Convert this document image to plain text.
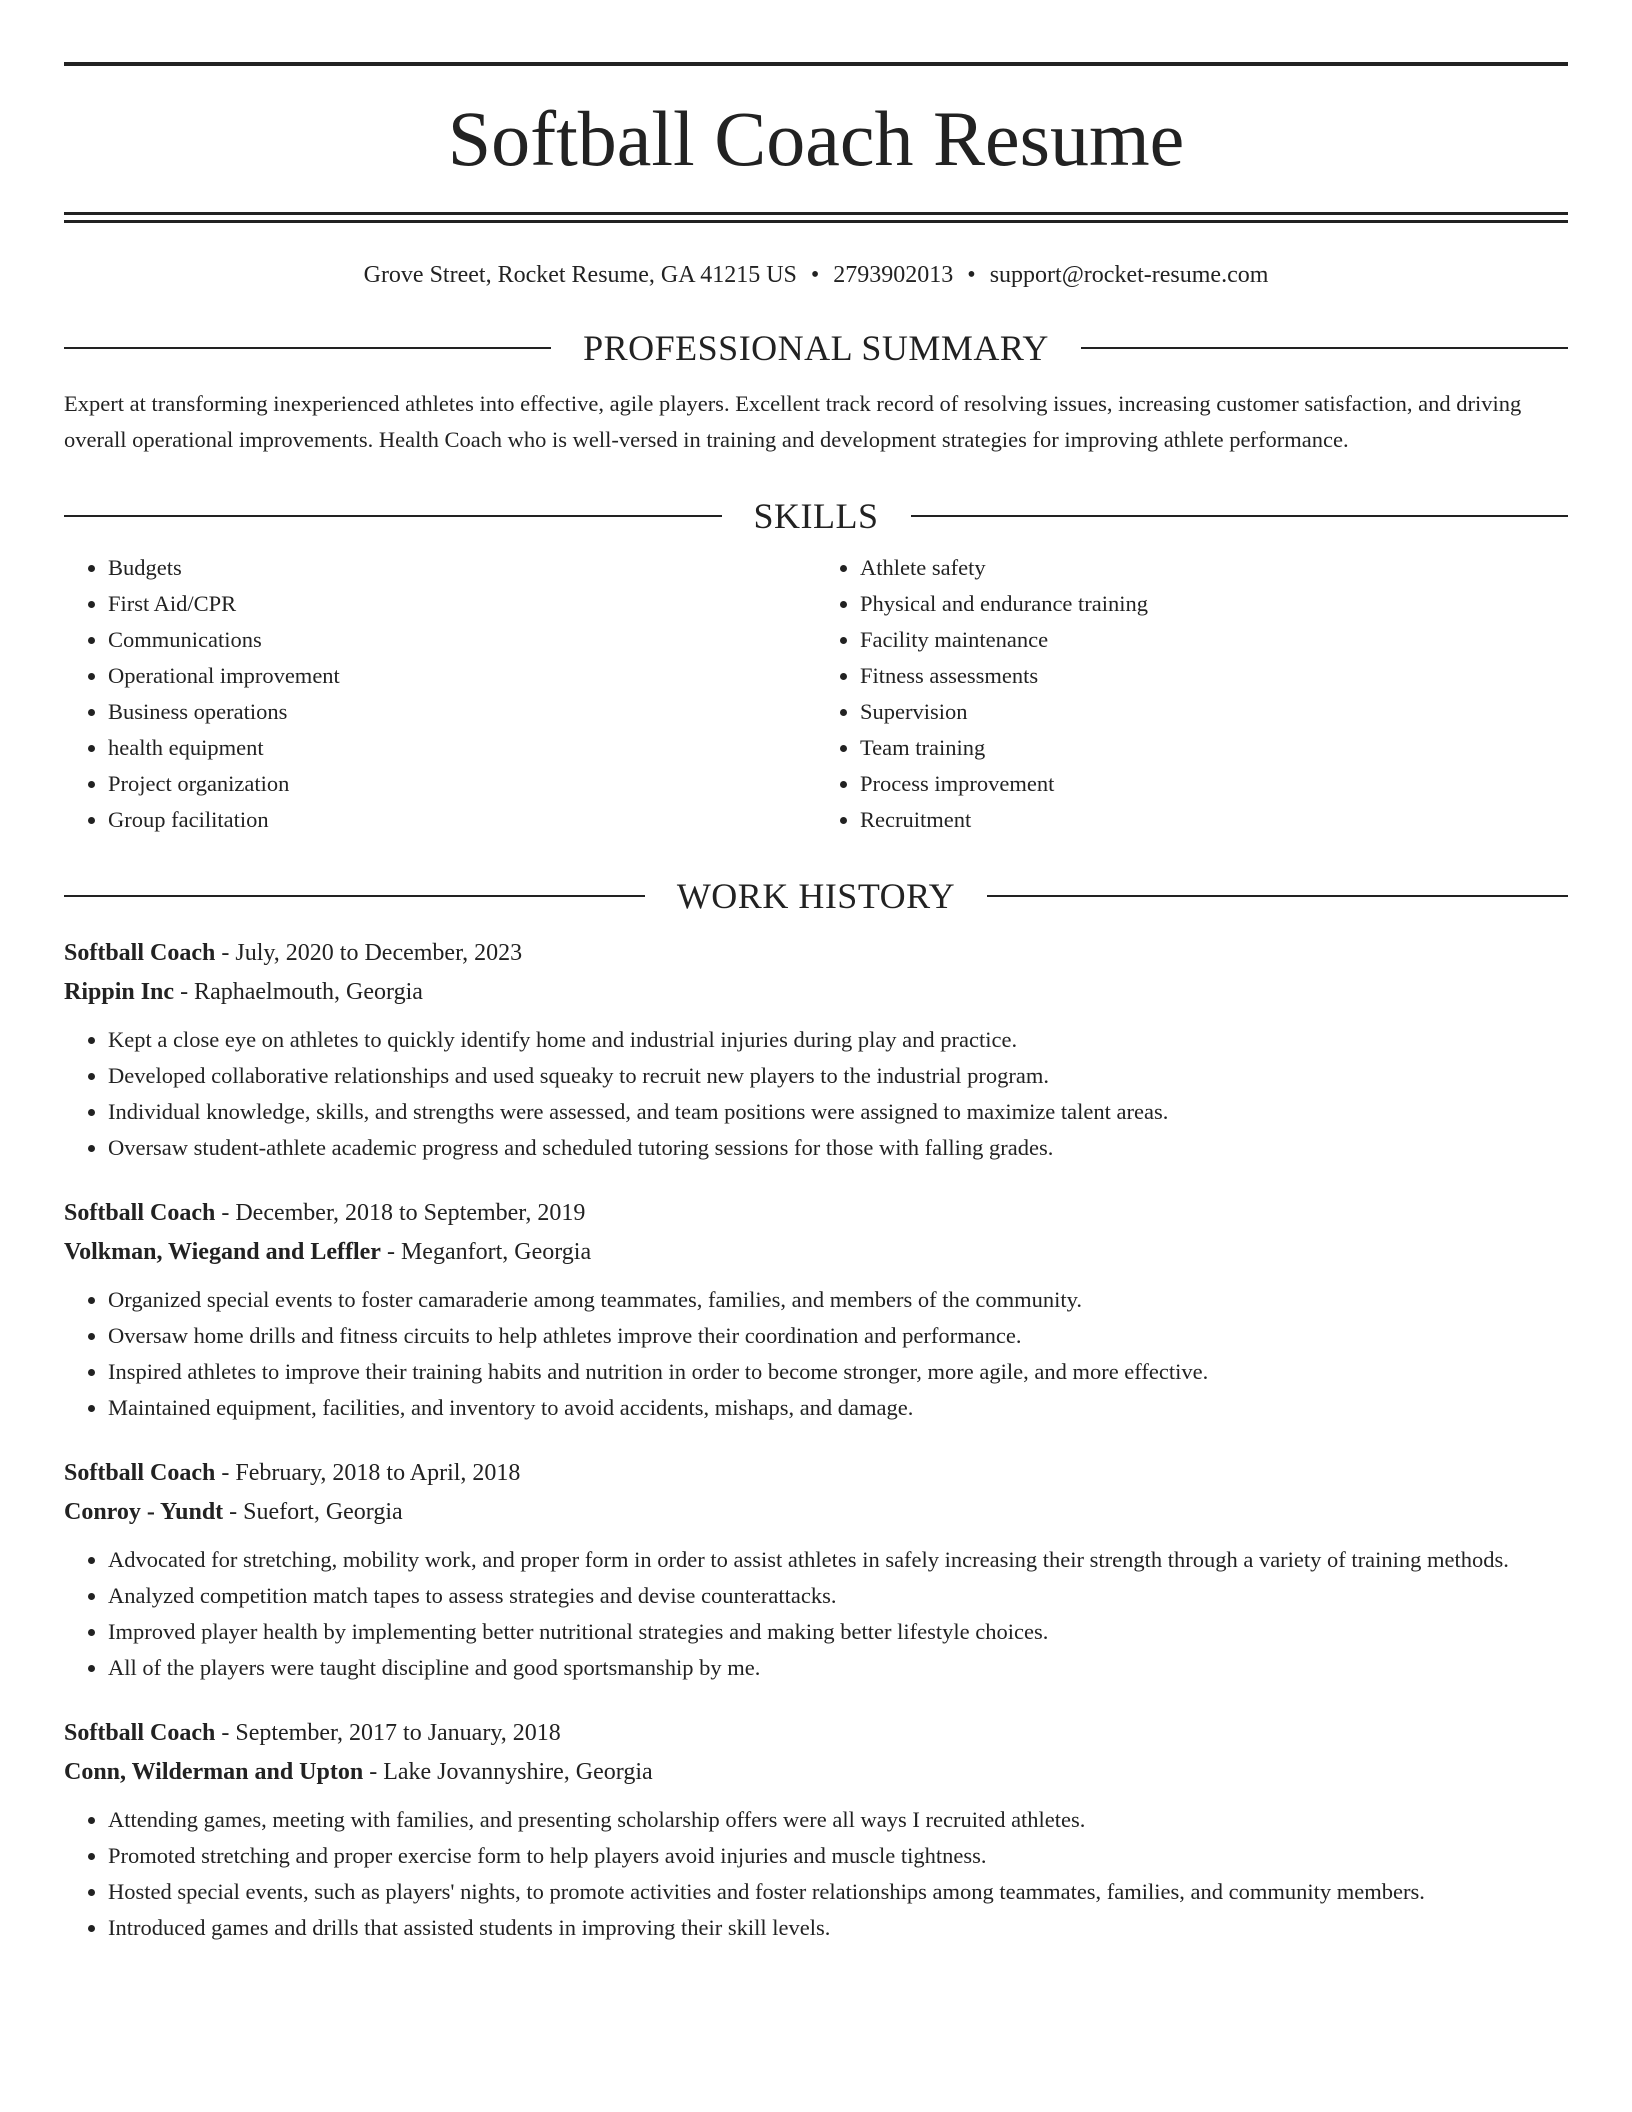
Softball Coach Resume
Grove Street, Rocket Resume, GA 41215 US • 2793902013 • support@rocket-resume.com
PROFESSIONAL SUMMARY

Expert at transforming inexperienced athletes into effective, agile players. Excellent track record of resolving issues, increasing customer satisfaction, and driving overall operational improvements. Health Coach who is well-versed in training and development strategies for improving athlete performance.

SKILLS
• Budgets
• First Aid/CPR
• Communications
• Operational improvement
• Business operations
• health equipment
• Project organization
• Group facilitation
• Athlete safety
• Physical and endurance training
• Facility maintenance
• Fitness assessments
• Supervision
• Team training
• Process improvement
• Recruitment
WORK HISTORY
Softball Coach - July, 2020 to December, 2023
Rippin Inc - Raphaelmouth, Georgia
• Kept a close eye on athletes to quickly identify home and industrial injuries during play and practice.
• Developed collaborative relationships and used squeaky to recruit new players to the industrial program.
• Individual knowledge, skills, and strengths were assessed, and team positions were assigned to maximize talent areas.
• Oversaw student-athlete academic progress and scheduled tutoring sessions for those with falling grades.
Softball Coach - December, 2018 to September, 2019
Volkman, Wiegand and Leffler - Meganfort, Georgia
• Organized special events to foster camaraderie among teammates, families, and members of the community.
• Oversaw home drills and fitness circuits to help athletes improve their coordination and performance.
• Inspired athletes to improve their training habits and nutrition in order to become stronger, more agile, and more effective.
• Maintained equipment, facilities, and inventory to avoid accidents, mishaps, and damage.
Softball Coach - February, 2018 to April, 2018
Conroy - Yundt - Suefort, Georgia
• Advocated for stretching, mobility work, and proper form in order to assist athletes in safely increasing their strength through a variety of training methods.
• Analyzed competition match tapes to assess strategies and devise counterattacks.
• Improved player health by implementing better nutritional strategies and making better lifestyle choices.
• All of the players were taught discipline and good sportsmanship by me.
Softball Coach - September, 2017 to January, 2018
Conn, Wilderman and Upton - Lake Jovannyshire, Georgia
• Attending games, meeting with families, and presenting scholarship offers were all ways I recruited athletes.
• Promoted stretching and proper exercise form to help players avoid injuries and muscle tightness.
• Hosted special events, such as players' nights, to promote activities and foster relationships among teammates, families, and community members.
• Introduced games and drills that assisted students in improving their skill levels.
